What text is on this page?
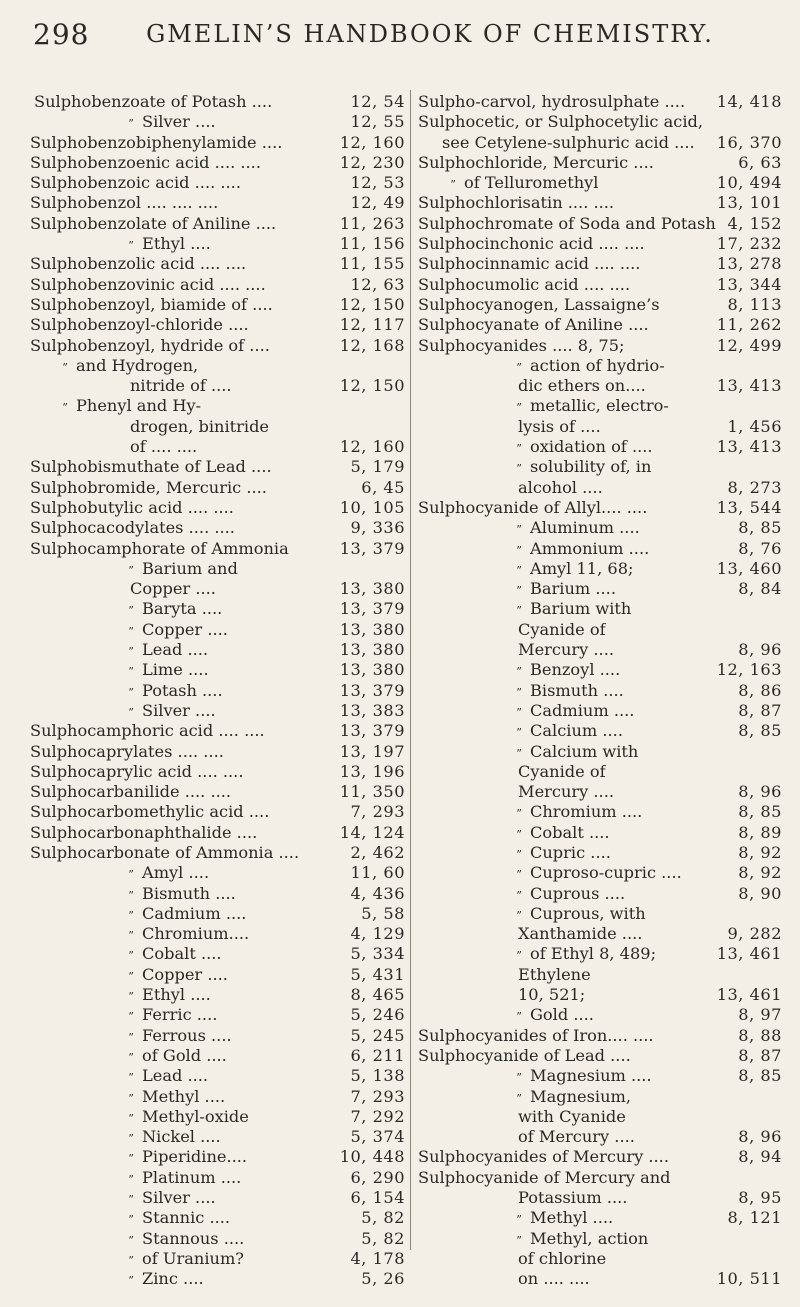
298	GMELIN’S HANDBOOK OF CHEMISTRY.
Sulphobenzoate of Potash ....	12, 54
” Silver ....	12, 55
Sulphobenzobiphenylamide ....	12, 160
Sulphobenzoenic acid .... ....	12, 230
Sulphobenzoic acid .... ....	12, 53
Sulphobenzol .... .... ....	12, 49
Sulphobenzolate of Aniline ....	11, 263
” Ethyl ....	11, 156
Sulphobenzolic acid .... ....	11, 155
Sulphobenzovinic acid .... ....	12, 63
Sulphobenzoyl, biamide of ....	12, 150
Sulphobenzoyl-chloride ....	12, 117
Sulphobenzoyl, hydride of ....	12, 168
” and Hydrogen,
nitride of ....	12, 150
” Phenyl and Hy-
drogen, binitride
of .... ....	12, 160
Sulphobismuthate of Lead ....	5, 179
Sulphobromide, Mercuric ....	6, 45
Sulphobutylic acid .... ....	10, 105
Sulphocacodylates .... ....	9, 336
Sulphocamphorate of Ammonia	13, 379
” Barium and
Copper ....	13, 380
” Baryta ....	13, 379
” Copper ....	13, 380
” Lead ....	13, 380
” Lime ....	13, 380
” Potash ....	13, 379
” Silver ....	13, 383
Sulphocamphoric acid .... ....	13, 379
Sulphocaprylates .... ....	13, 197
Sulphocaprylic acid .... ....	13, 196
Sulphocarbanilide .... ....	11, 350
Sulphocarbomethylic acid ....	7, 293
Sulphocarbonaphthalide ....	14, 124
Sulphocarbonate of Ammonia ....	2, 462
” Amyl ....	11, 60
” Bismuth ....	4, 436
” Cadmium ....	5, 58
” Chromium....	4, 129
” Cobalt ....	5, 334
” Copper ....	5, 431
” Ethyl ....	8, 465
” Ferric ....	5, 246
” Ferrous ....	5, 245
” of Gold ....	6, 211
” Lead ....	5, 138
” Methyl ....	7, 293
” Methyl-oxide	7, 292
” Nickel ....	5, 374
” Piperidine....	10, 448
” Platinum ....	6, 290
” Silver ....	6, 154
” Stannic ....	5, 82
” Stannous ....	5, 82
” of Uranium?	4, 178
” Zinc ....	5, 26
Sulpho-carvol, hydrosulphate ....	14, 418
Sulphocetic, or Sulphocetylic acid,
see Cetylene-sulphuric acid ....	16, 370
Sulphochloride, Mercuric ....	6, 63
” of Telluromethyl	10, 494
Sulphochlorisatin .... ....	13, 101
Sulphochromate of Soda and Potash 4, 152
Sulphocinchonic acid .... ....	17, 232
Sulphocinnamic acid .... ....	13, 278
Sulphocumolic acid .... ....	13, 344
Sulphocyanogen, Lassaigne’s	8, 113
Sulphocyanate of Aniline ....	11, 262
Sulphocyanides .... 8, 75;	12, 499
” action of hydrio-
dic ethers on....	13, 413
” metallic, electro-
lysis of ....	1, 456
” oxidation of ....	13, 413
” solubility of, in
alcohol ....	8, 273
Sulphocyanide of Allyl.... ....	13, 544
” Aluminum ....	8, 85
” Ammonium ....	8, 76
” Amyl 11, 68;	13, 460
” Barium ....	8, 84
” Barium with
Cyanide of
Mercury ....	8, 96
” Benzoyl ....	12, 163
” Bismuth ....	8, 86
” Cadmium ....	8, 87
” Calcium ....	8, 85
” Calcium with
Cyanide of
Mercury ....	8, 96
” Chromium ....	8, 85
” Cobalt ....	8, 89
” Cupric ....	8, 92
” Cuproso-cupric ....	8, 92
” Cuprous ....	8, 90
” Cuprous, with
Xanthamide ....	9, 282
” of Ethyl 8, 489;	13, 461
Ethylene
10, 521;	13, 461
” Gold ....	8, 97
Sulphocyanides of Iron.... ....	8, 88
Sulphocyanide of Lead ....	8, 87
” Magnesium ....	8, 85
” Magnesium,
with Cyanide
of Mercury ....	8, 96
Sulphocyanides of Mercury ....	8, 94
Sulphocyanide of Mercury and
Potassium ....	8, 95
” Methyl ....	8, 121
” Methyl, action
of chlorine
on .... ....	10, 511
